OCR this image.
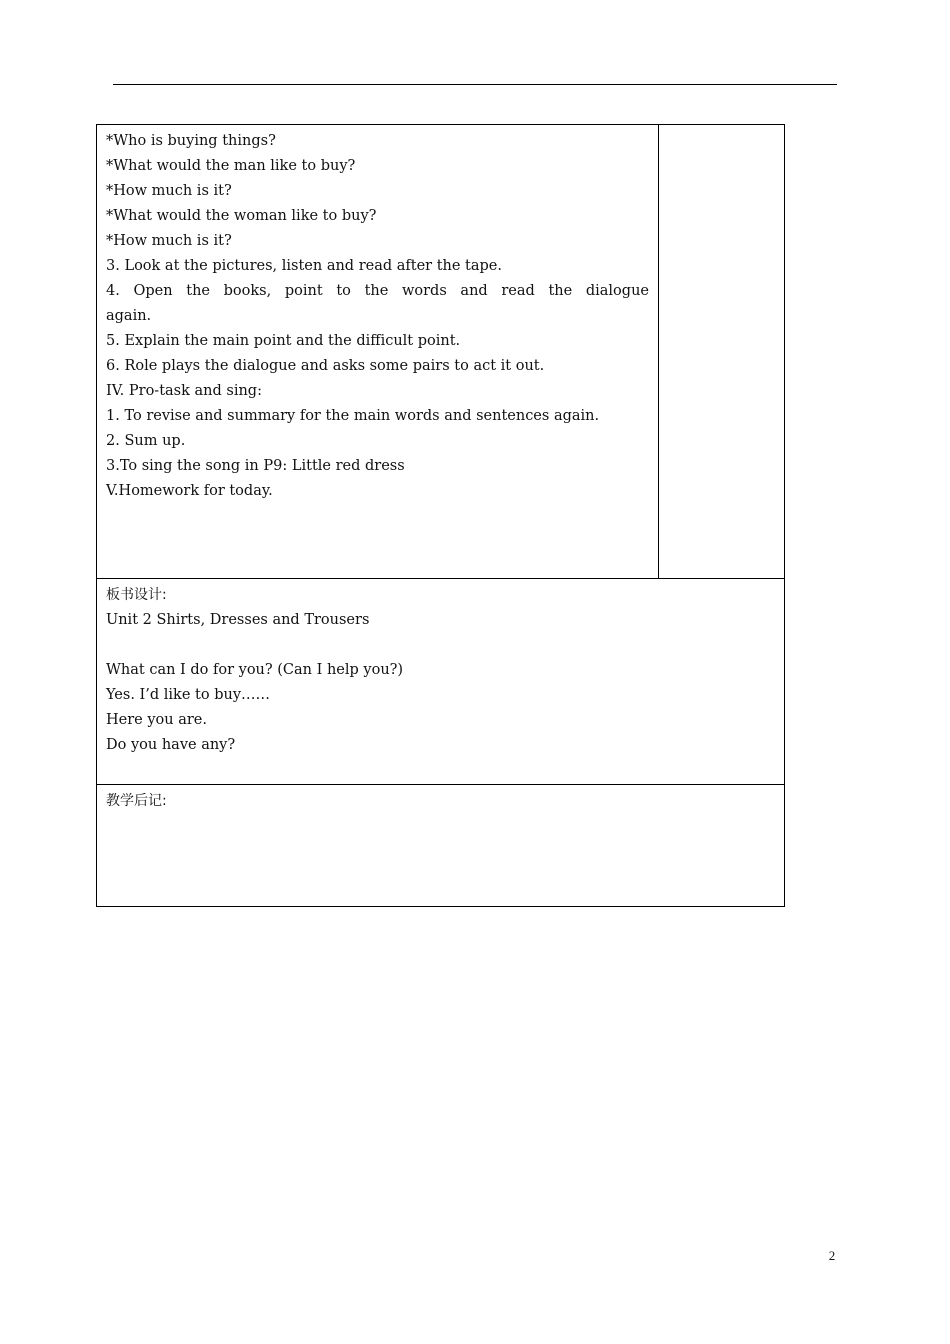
*Who is buying things?
*What would the man like to buy?
*How much is it?
*What would the woman like to buy?
*How much is it?
3. Look at the pictures, listen and read after the tape.
4. Open the books, point to the words and read the dialogue
again.
5. Explain the main point and the difficult point.
6. Role plays the dialogue and asks some pairs to act it out.
IV. Pro-task and sing:
1. To revise and summary for the main words and sentences again.
2. Sum up.
3.To sing the song in P9: Little red dress
V.Homework for today.

板书设计:
Unit 2 Shirts, Dresses and Trousers
What can I do for you? (Can I help you?)
Yes. I’d like to buy……
Here you are.
Do you have any?

教学后记:
2
